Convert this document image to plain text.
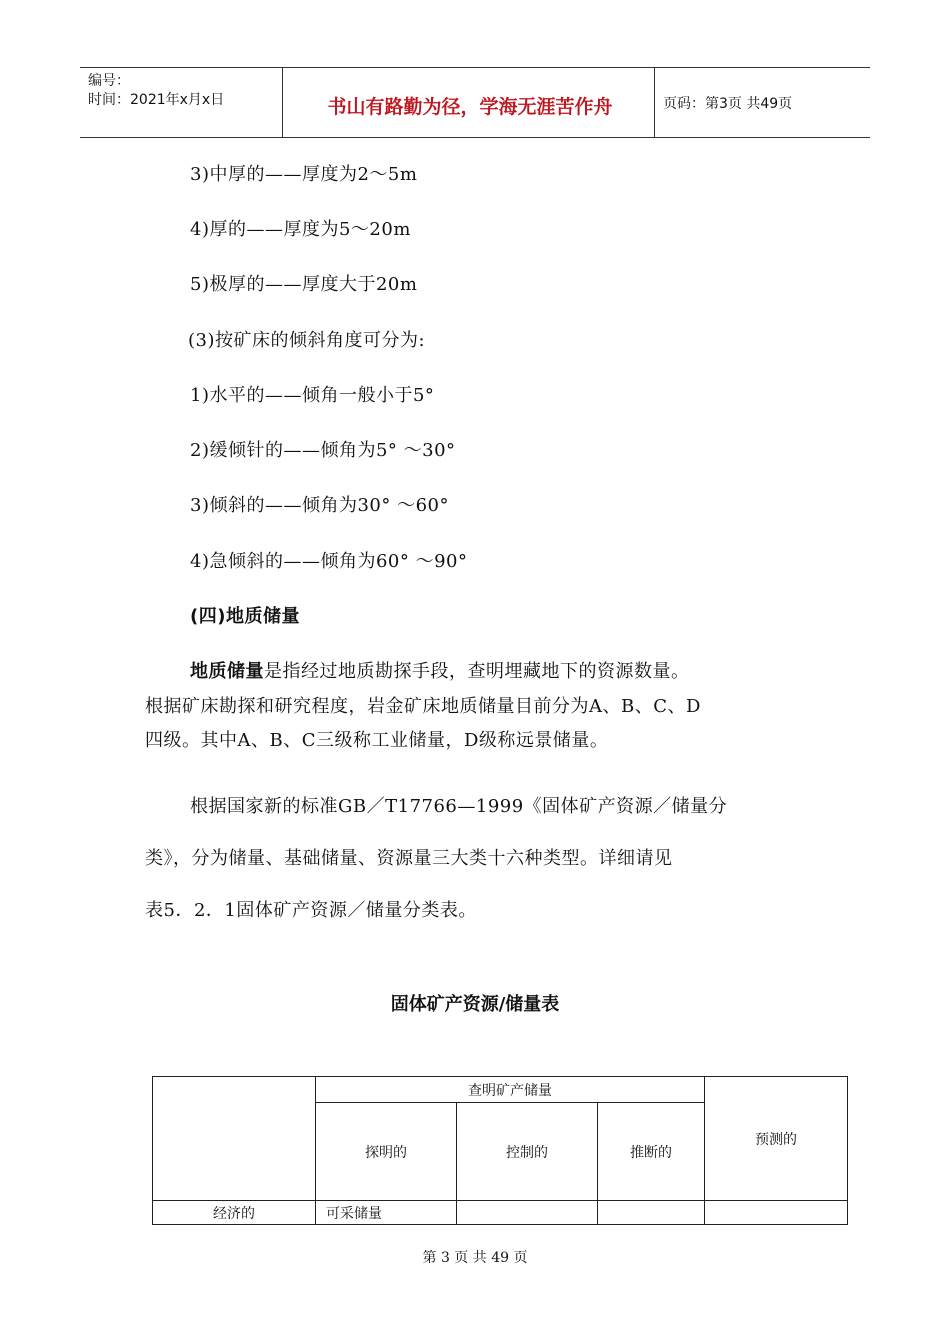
编号：
时间：2021年x月x日	书山有路勤为径，学海无涯苦作舟	页码：第3页 共49页
3)中厚的——厚度为2～5m
4)厚的——厚度为5～20m
5)极厚的——厚度大于20m
(3)按矿床的倾斜角度可分为:
1)水平的——倾角一般小于5°
2)缓倾针的——倾角为5° ～30°
3)倾斜的——倾角为30° ～60°
4)急倾斜的——倾角为60° ～90°
(四)地质储量
地质储量是指经过地质勘探手段，查明埋藏地下的资源数量。
根据矿床勘探和研究程度，岩金矿床地质储量目前分为A、B、C、D
四级。其中A、B、C三级称工业储量，D级称远景储量。
根据国家新的标准GB／T17766—1999《固体矿产资源／储量分
类》，分为储量、基础储量、资源量三大类十六种类型。详细请见
表5．2．1固体矿产资源／储量分类表。
固体矿产资源/储量表
	查明矿产储量			预测的
	探明的	控制的	推断的	
经济的	可采储量			
第 3 页 共 49 页
